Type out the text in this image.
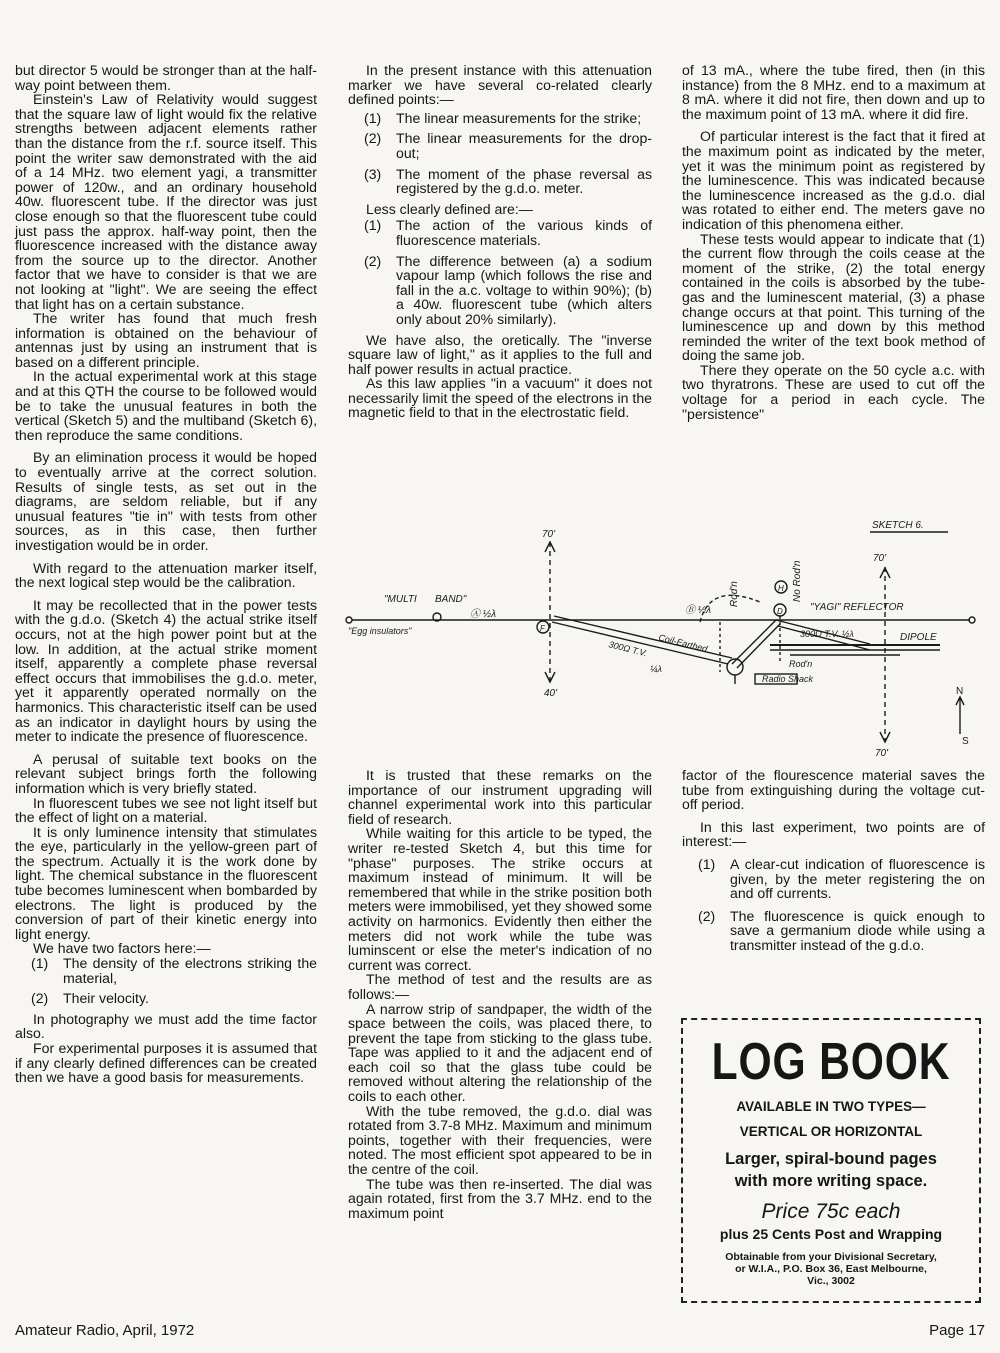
but director 5 would be stronger than at the half-way point between them.

Einstein's Law of Relativity would suggest that the square law of light would fix the relative strengths between adjacent elements rather than the distance from the r.f. source itself. This point the writer saw demonstrated with the aid of a 14 MHz. two element yagi, a transmitter power of 120w., and an ordinary household 40w. fluorescent tube. If the director was just close enough so that the fluorescent tube could just pass the approx. half-way point, then the fluorescence increased with the distance away from the source up to the director. Another factor that we have to consider is that we are not looking at "light". We are seeing the effect that light has on a certain substance.

The writer has found that much fresh information is obtained on the behaviour of antennas just by using an instrument that is based on a different principle.

In the actual experimental work at this stage and at this QTH the course to be followed would be to take the unusual features in both the vertical (Sketch 5) and the multiband (Sketch 6), then reproduce the same conditions.

By an elimination process it would be hoped to eventually arrive at the correct solution. Results of single tests, as set out in the diagrams, are seldom reliable, but if any unusual features "tie in" with tests from other sources, as in this case, then further investigation would be in order.

With regard to the attenuation marker itself, the next logical step would be the calibration.

It may be recollected that in the power tests with the g.d.o. (Sketch 4) the actual strike itself occurs, not at the high power point but at the low. In addition, at the actual strike moment itself, apparently a complete phase reversal effect occurs that immobilises the g.d.o. meter, yet it apparently operated normally on the harmonics. This characteristic itself can be used as an indicator in daylight hours by using the meter to indicate the presence of fluorescence.

A perusal of suitable text books on the relevant subject brings forth the following information which is very briefly stated.

In fluorescent tubes we see not light itself but the effect of light on a material.

It is only luminence intensity that stimulates the eye, particularly in the yellow-green part of the spectrum. Actually it is the work done by light. The chemical substance in the fluorescent tube becomes luminescent when bombarded by electrons. The light is produced by the conversion of part of their kinetic energy into light energy.

We have two factors here:—

(1) The density of the electrons striking the material,
(2) Their velocity.

In photography we must add the time factor also.

For experimental purposes it is assumed that if any clearly defined differences can be created then we have a good basis for measurements.

In the present instance with this attenuation marker we have several co-related clearly defined points:—

(1) The linear measurements for the strike;
(2) The linear measurements for the drop-out;
(3) The moment of the phase reversal as registered by the g.d.o. meter.

Less clearly defined are:—

(1) The action of the various kinds of fluorescence materials.
(2) The difference between (a) a sodium vapour lamp (which follows the rise and fall in the a.c. voltage to within 90%); (b) a 40w. fluorescent tube (which alters only about 20% similarly).

We have also, the oretically. The "inverse square law of light," as it applies to the full and half power results in actual practice.

As this law applies "in a vacuum" it does not necessarily limit the speed of the electrons in the magnetic field to that in the electrostatic field.

of 13 mA., where the tube fired, then (in this instance) from the 8 MHz. end to a maximum at 8 mA. where it did not fire, then down and up to the maximum point of 13 mA. where it did fire.

Of particular interest is the fact that it fired at the maximum point as indicated by the meter, yet it was the minimum point as registered by the luminescence. This was indicated because the luminescence increased as the g.d.o. dial was rotated to either end. The meters gave no indication of this phenomena either.

These tests would appear to indicate that (1) the current flow through the coils cease at the moment of the strike, (2) the total energy contained in the coils is absorbed by the tube-gas and the luminescent material, (3) a phase change occurs at that point. This turning of the luminescence up and down by this method reminded the writer of the text book method of doing the same job.

There they operate on the 50 cycle a.c. with two thyratrons. These are used to cut off the voltage for a period in each cycle. The "persistence"

SKETCH 6.
"MULTI BAND"
"Egg insulators"
Ⓐ ½λ	Ⓑ ½λ
F
70'
40'
70'
70'
Rod'n	No Rod'n
H
D	"YAGI" REFLECTOR
300Ω T.V. ½λ	DIPOLE
Coil-Earthed.
300Ω T.V.
¼λ	Rod'n
Radio Shack
N
S

It is trusted that these remarks on the importance of our instrument upgrading will channel experimental work into this particular field of research.

While waiting for this article to be typed, the writer re-tested Sketch 4, but this time for "phase" purposes. The strike occurs at maximum instead of minimum. It will be remembered that while in the strike position both meters were immobilised, yet they showed some activity on harmonics. Evidently then either the meters did not work while the tube was luminscent or else the meter's indication of no current was correct.

The method of test and the results are as follows:—

A narrow strip of sandpaper, the width of the space between the coils, was placed there, to prevent the tape from sticking to the glass tube. Tape was applied to it and the adjacent end of each coil so that the glass tube could be removed without altering the relationship of the coils to each other.

With the tube removed, the g.d.o. dial was rotated from 3.7-8 MHz. Maximum and minimum points, together with their frequencies, were noted. The most efficient spot appeared to be in the centre of the coil.

The tube was then re-inserted. The dial was again rotated, first from the 3.7 MHz. end to the maximum point

factor of the flourescence material saves the tube from extinguishing during the voltage cut-off period.

In this last experiment, two points are of interest:—

(1) A clear-cut indication of fluorescence is given, by the meter registering the on and off currents.
(2) The fluorescence is quick enough to save a germanium diode while using a transmitter instead of the g.d.o.
LOG BOOK
AVAILABLE IN TWO TYPES—
VERTICAL OR HORIZONTAL
Larger, spiral-bound pages
with more writing space.
Price 75c each
plus 25 Cents Post and Wrapping
Obtainable from your Divisional Secretary,
or W.I.A., P.O. Box 36, East Melbourne,
Vic., 3002
Amateur Radio, April, 1972	Page 17
